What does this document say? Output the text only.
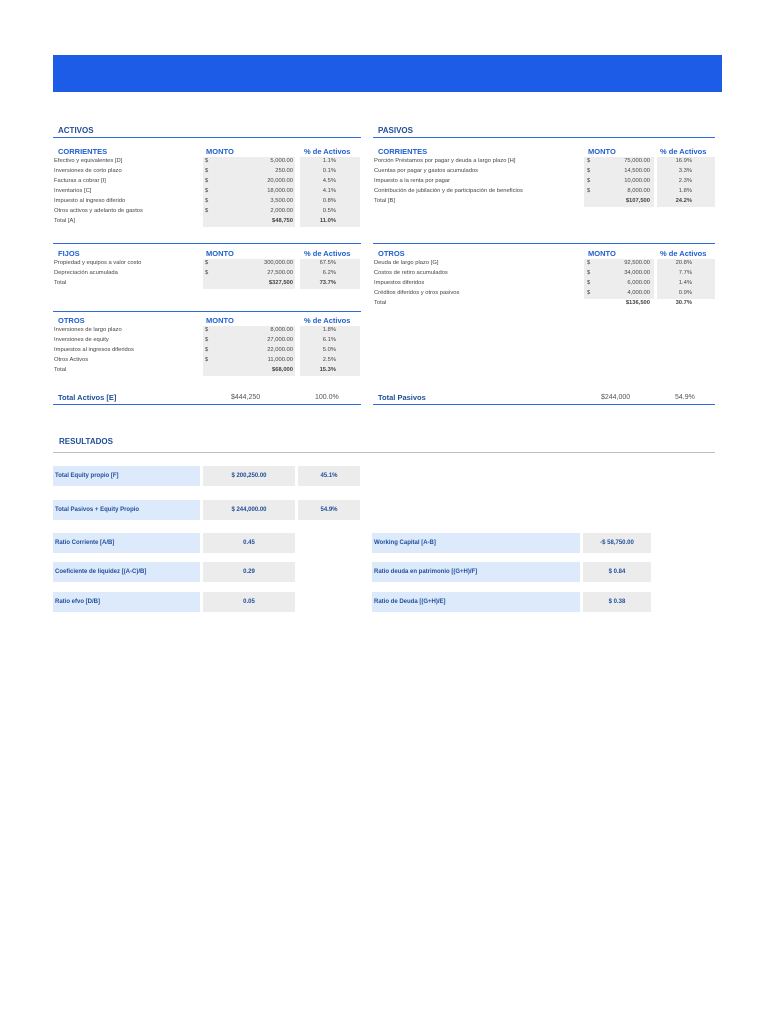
ACTIVOS
CORRIENTES	MONTO	% de Activos
Efectivo y equivalentes [D]	$	5,000.00	1.1%
Inversiones de corto plazo	$	250.00	0.1%
Facturas a cobrar [I]	$	20,000.00	4.5%
Inventarios [C]	$	18,000.00	4.1%
Impuesto al ingreso diferido	$	3,500.00	0.8%
Otros activos y adelanto de gastos	$	2,000.00	0.5%
Total [A]	$48,750	11.0%
FIJOS	MONTO	% de Activos
Propiedad y equipos a valor costo	$	300,000.00	67.5%
Depreciación acumulada	$	27,500.00	6.2%
Total	$327,500	73.7%
OTROS	MONTO	% de Activos
Inversiones de largo plazo	$	8,000.00	1.8%
Inversiones de equity	$	27,000.00	6.1%
Impuestos al ingresos diferidos	$	22,000.00	5.0%
Otros Activos	$	11,000.00	2.5%
Total	$68,000	15.3%
Total Activos [E]	$444,250	100.0%
PASIVOS
CORRIENTES	MONTO	% de Activos
Porción Préstamos por pagar y deuda a largo plazo [H]	$	75,000.00	16.9%
Cuentas por pagar y gastos acumulados	$	14,500.00	3.3%
Impuesto a la renta por pagar	$	10,000.00	2.3%
Contribución de jubilación y de participación de beneficios	$	8,000.00	1.8%
Total [B]	$107,500	24.2%
OTROS	MONTO	% de Activos
Deuda de largo plazo [G]	$	92,500.00	20.8%
Costos de retiro acumulados	$	34,000.00	7.7%
Impuestos diferidos	$	6,000.00	1.4%
Créditos diferidos y otros pasivos	$	4,000.00	0.9%
Total	$136,500	30.7%
Total Pasivos	$244,000	54.9%
RESULTADOS
Total Equity propio [F]	$ 200,250.00	45.1%
Total Pasivos + Equity Propio	$ 244,000.00	54.9%
Ratio Corriente [A/B]	0.45
Coeficiente de liquidez [(A-C)/B]	0.29
Ratio efvo [D/B]	0.05
Working Capital [A-B]	-$ 58,750.00
Ratio deuda en patrimonio [(G+H)/F]	$ 0.84
Ratio de Deuda [(G+H)/E]	$ 0.38
